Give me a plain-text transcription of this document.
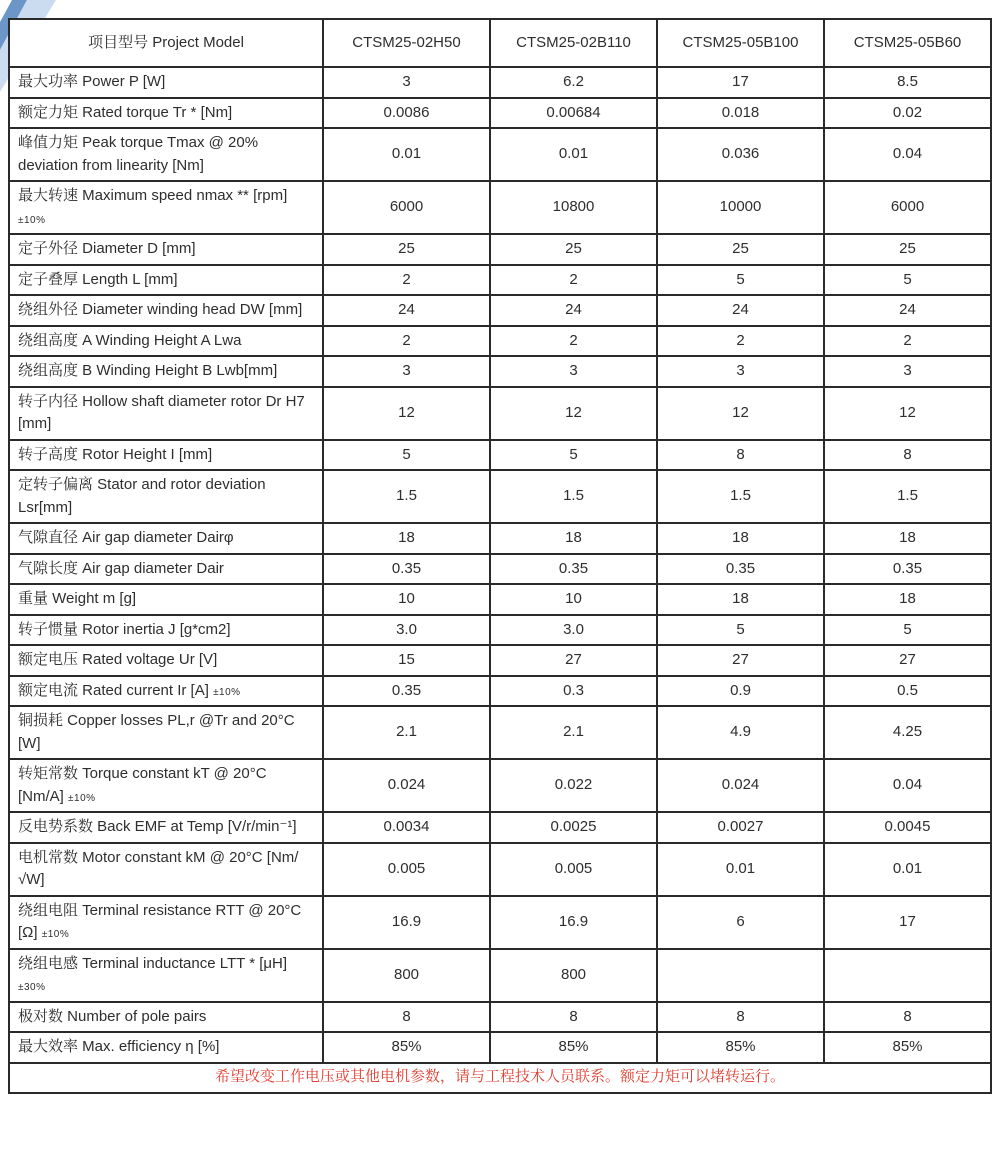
项目型号 Project Model	CTSM25-02H50	CTSM25-02B110	CTSM25-05B100	CTSM25-05B60
最大功率 Power P [W]	3	6.2	17	8.5
额定力矩 Rated torque Tr * [Nm]	0.0086	0.00684	0.018	0.02
峰值力矩 Peak torque Tmax @ 20% deviation from linearity [Nm]	0.01	0.01	0.036	0.04
最大转速 Maximum speed nmax ** [rpm] ±10%	6000	10800	10000	6000
定子外径 Diameter D [mm]	25	25	25	25
定子叠厚 Length L [mm]	2	2	5	5
绕组外径 Diameter winding head DW [mm]	24	24	24	24
绕组高度 A Winding Height A Lwa	2	2	2	2
绕组高度 B Winding Height B Lwb[mm]	3	3	3	3
转子内径 Hollow shaft diameter rotor Dr H7 [mm]	12	12	12	12
转子高度 Rotor Height I [mm]	5	5	8	8
定转子偏离 Stator and rotor deviation Lsr[mm]	1.5	1.5	1.5	1.5
气隙直径 Air gap diameter Dairφ	18	18	18	18
气隙长度 Air gap diameter Dair	0.35	0.35	0.35	0.35
重量 Weight m [g]	10	10	18	18
转子惯量 Rotor inertia J [g*cm2]	3.0	3.0	5	5
额定电压 Rated voltage Ur [V]	15	27	27	27
额定电流 Rated current Ir [A] ±10%	0.35	0.3	0.9	0.5
铜损耗 Copper losses PL,r @Tr and 20°C [W]	2.1	2.1	4.9	4.25
转矩常数 Torque constant kT @ 20°C [Nm/A] ±10%	0.024	0.022	0.024	0.04
反电势系数 Back EMF at Temp [V/r/min⁻¹]	0.0034	0.0025	0.0027	0.0045
电机常数 Motor constant kM @ 20°C [Nm/ √W]	0.005	0.005	0.01	0.01
绕组电阻 Terminal resistance RTT @ 20°C [Ω] ±10%	16.9	16.9	6	17
绕组电感 Terminal inductance LTT * [μH] ±30%	800	800		
极对数 Number of pole pairs	8	8	8	8
最大效率 Max. efficiency η [%]	85%	85%	85%	85%
希望改变工作电压或其他电机参数，请与工程技术人员联系。额定力矩可以堵转运行。				
